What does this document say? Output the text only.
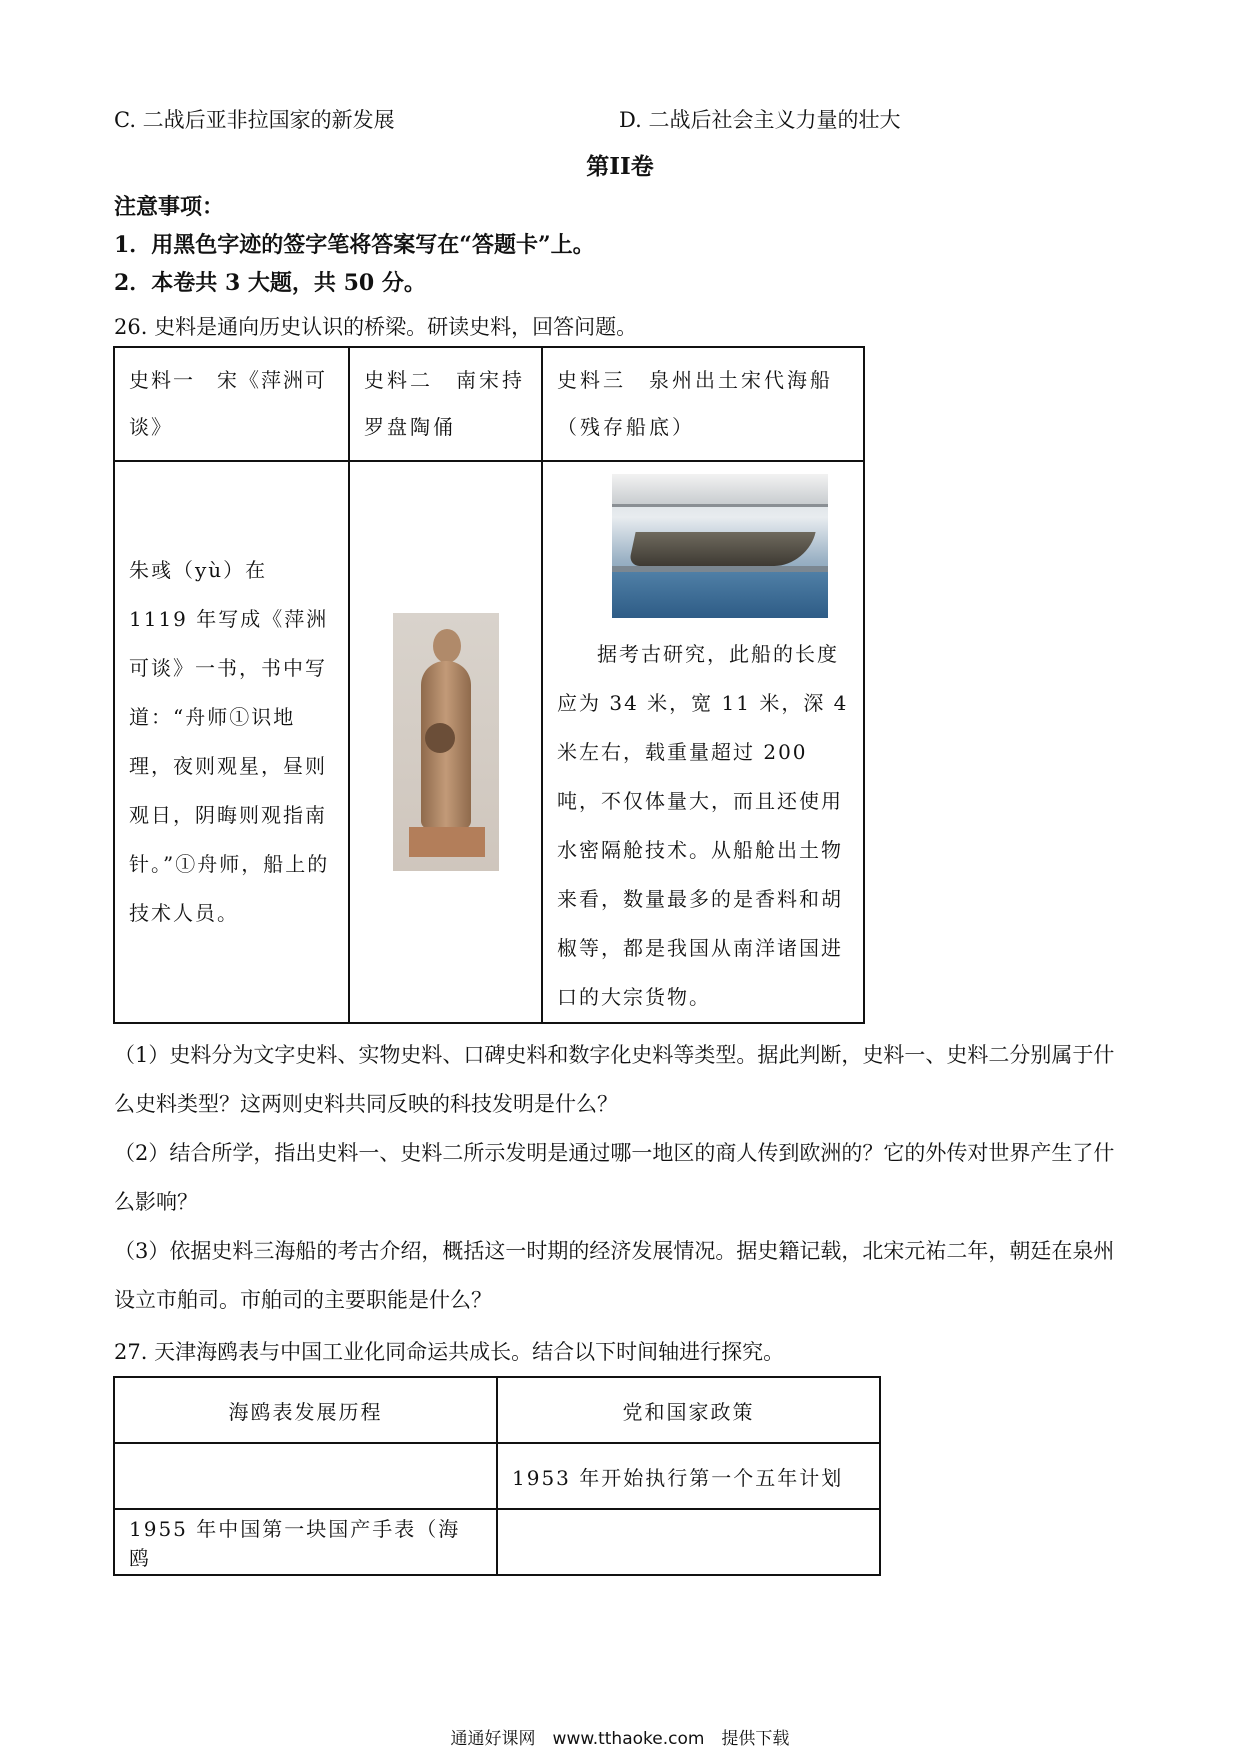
C. 二战后亚非拉国家的新发展	D. 二战后社会主义力量的壮大
第II卷
注意事项：
1．用黑色字迹的签字笔将答案写在“答题卡”上。
2．本卷共 3 大题，共 50 分。
26. 史料是通向历史认识的桥梁。研读史料，回答问题。
史料一　宋《萍洲可谈》	史料二　南宋持罗盘陶俑	史料三　泉州出土宋代海船（残存船底）
朱彧（yù）在 1119 年写成《萍洲可谈》一书，书中写道：“舟师①识地理，夜则观星，昼则观日，阴晦则观指南针。”①舟师，船上的技术人员。		据考古研究，此船的长度应为 34 米，宽 11 米，深 4 米左右，载重量超过 200 吨，不仅体量大，而且还使用水密隔舱技术。从船舱出土物来看，数量最多的是香料和胡椒等，都是我国从南洋诸国进口的大宗货物。
（1）史料分为文字史料、实物史料、口碑史料和数字化史料等类型。据此判断，史料一、史料二分别属于什么史料类型？这两则史料共同反映的科技发明是什么？
（2）结合所学，指出史料一、史料二所示发明是通过哪一地区的商人传到欧洲的？它的外传对世界产生了什么影响？
（3）依据史料三海船的考古介绍，概括这一时期的经济发展情况。据史籍记载，北宋元祐二年，朝廷在泉州设立市舶司。市舶司的主要职能是什么？
27. 天津海鸥表与中国工业化同命运共成长。结合以下时间轴进行探究。
海鸥表发展历程	党和国家政策
	1953 年开始执行第一个五年计划
1955 年中国第一块国产手表（海鸥	
通通好课网　www.tthaoke.com　提供下载
